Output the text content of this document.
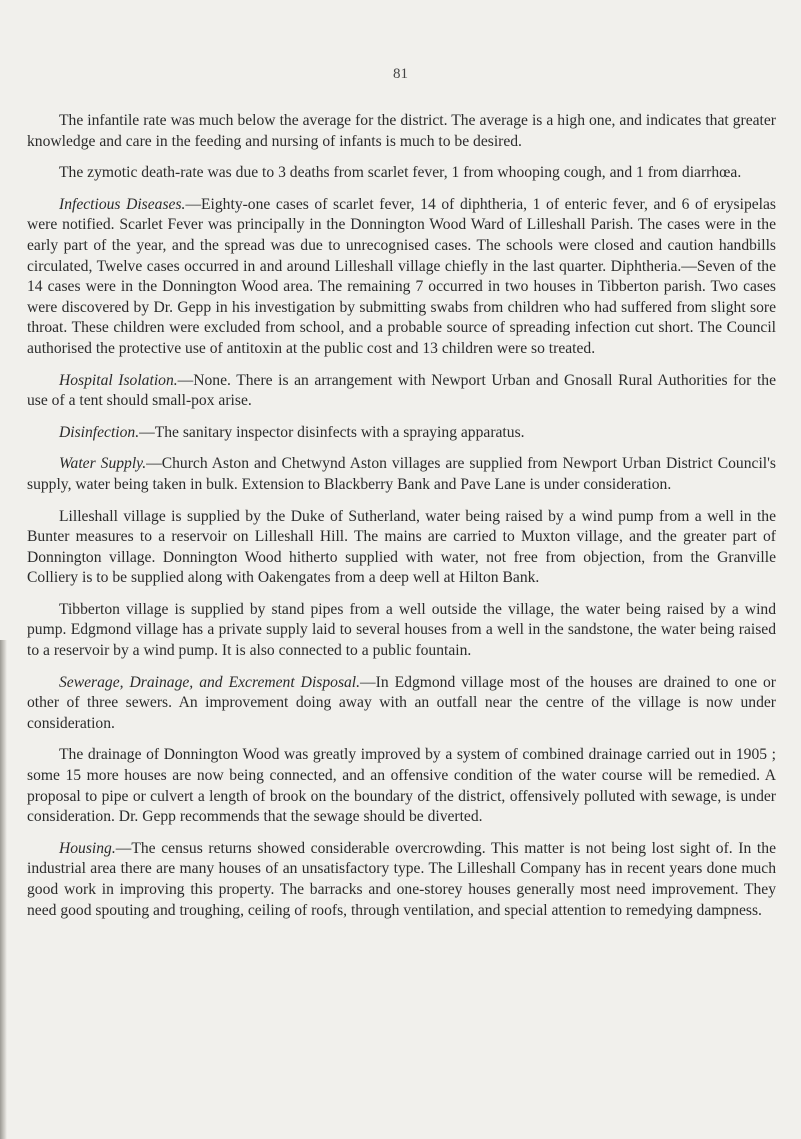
81

The infantile rate was much below the average for the district. The average is a high one, and indicates that greater knowledge and care in the feeding and nursing of infants is much to be desired.

The zymotic death-rate was due to 3 deaths from scarlet fever, 1 from whooping cough, and 1 from diarrhœa.

Infectious Diseases.—Eighty-one cases of scarlet fever, 14 of diphtheria, 1 of enteric fever, and 6 of erysipelas were notified. Scarlet Fever was principally in the Donnington Wood Ward of Lilleshall Parish. The cases were in the early part of the year, and the spread was due to unrecognised cases. The schools were closed and caution handbills circulated, Twelve cases occurred in and around Lilleshall village chiefly in the last quarter. Diphtheria.—Seven of the 14 cases were in the Donnington Wood area. The remaining 7 occurred in two houses in Tibberton parish. Two cases were discovered by Dr. Gepp in his investigation by submitting swabs from children who had suffered from slight sore throat. These children were excluded from school, and a probable source of spreading infection cut short. The Council authorised the protective use of antitoxin at the public cost and 13 children were so treated.

Hospital Isolation.—None. There is an arrangement with Newport Urban and Gnosall Rural Authorities for the use of a tent should small-pox arise.

Disinfection.—The sanitary inspector disinfects with a spraying apparatus.

Water Supply.—Church Aston and Chetwynd Aston villages are supplied from Newport Urban District Council's supply, water being taken in bulk. Extension to Blackberry Bank and Pave Lane is under consideration.

Lilleshall village is supplied by the Duke of Sutherland, water being raised by a wind pump from a well in the Bunter measures to a reservoir on Lilleshall Hill. The mains are carried to Muxton village, and the greater part of Donnington village. Donnington Wood hitherto supplied with water, not free from objection, from the Granville Colliery is to be supplied along with Oakengates from a deep well at Hilton Bank.

Tibberton village is supplied by stand pipes from a well outside the village, the water being raised by a wind pump. Edgmond village has a private supply laid to several houses from a well in the sandstone, the water being raised to a reservoir by a wind pump. It is also connected to a public fountain.

Sewerage, Drainage, and Excrement Disposal.—In Edgmond village most of the houses are drained to one or other of three sewers. An improvement doing away with an outfall near the centre of the village is now under consideration.

The drainage of Donnington Wood was greatly improved by a system of combined drainage carried out in 1905 ; some 15 more houses are now being connected, and an offensive condition of the water course will be remedied. A proposal to pipe or culvert a length of brook on the boundary of the district, offensively polluted with sewage, is under consideration. Dr. Gepp recommends that the sewage should be diverted.

Housing.—The census returns showed considerable overcrowding. This matter is not being lost sight of. In the industrial area there are many houses of an unsatisfactory type. The Lilleshall Company has in recent years done much good work in improving this property. The barracks and one-storey houses generally most need improvement. They need good spouting and troughing, ceiling of roofs, through ventilation, and special attention to remedying dampness.
